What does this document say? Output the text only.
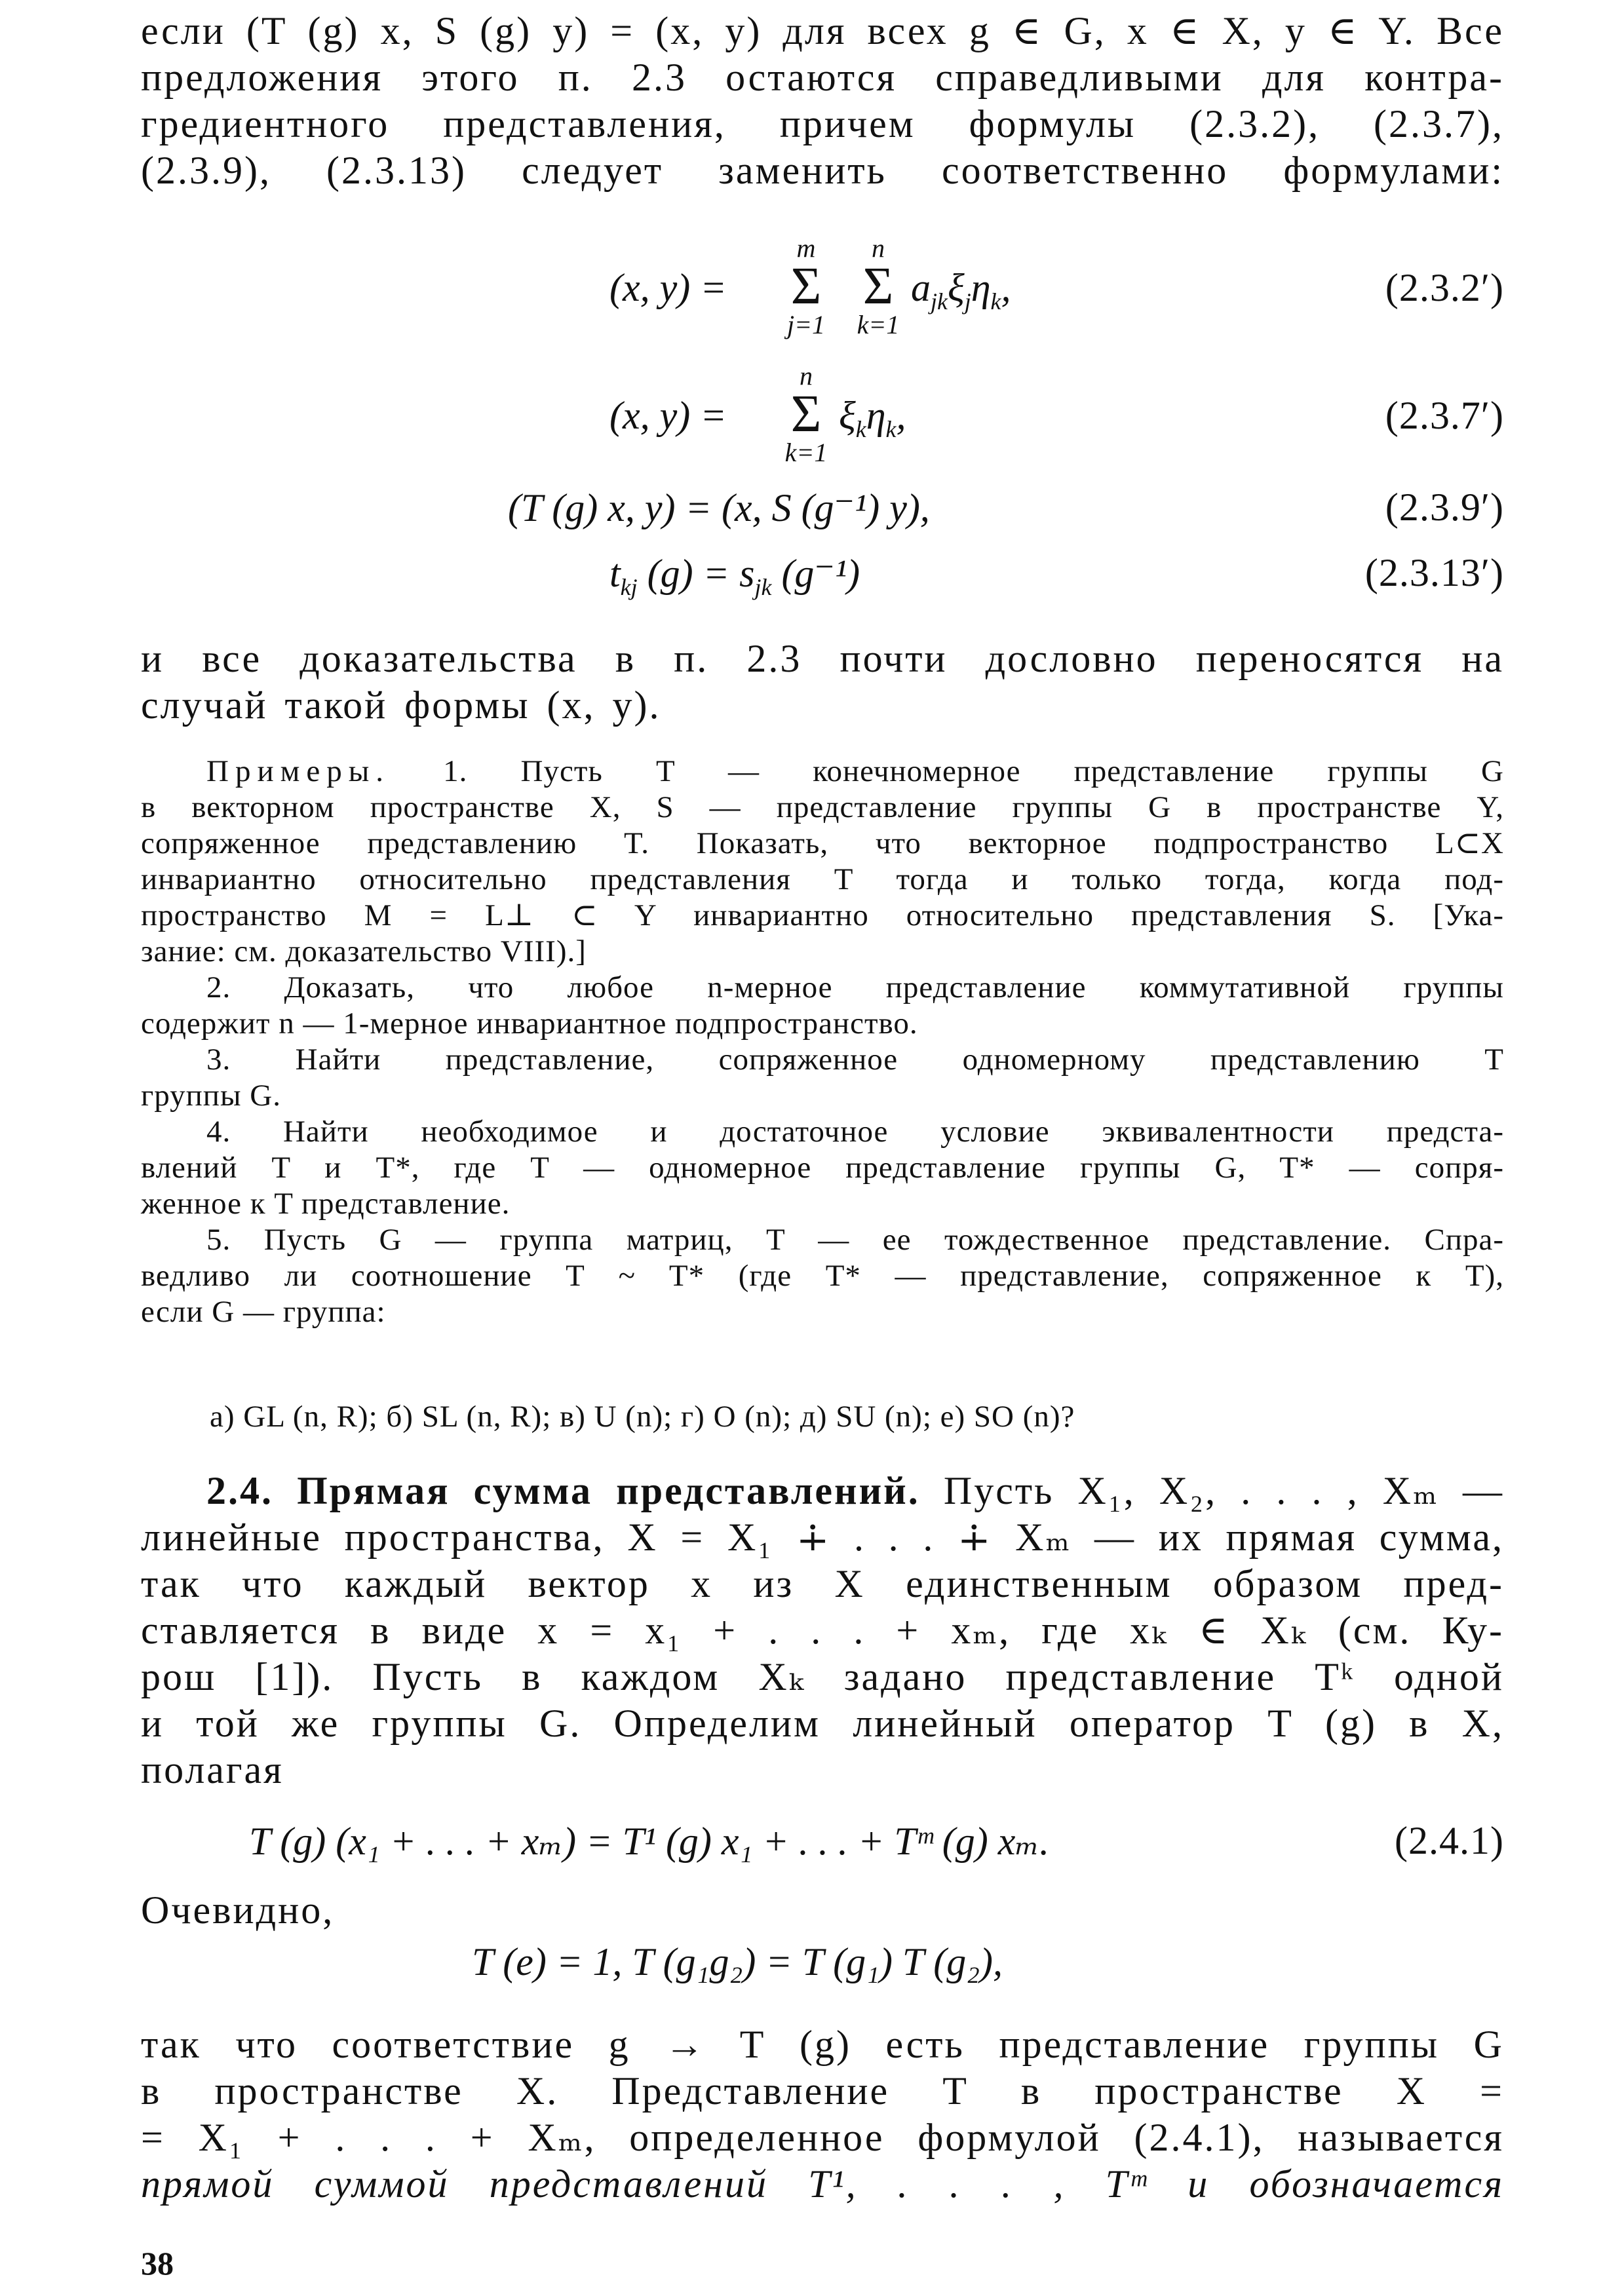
если (T (g) x, S (g) y) = (x, y) для всех g ∈ G, x ∈ X, y ∈ Y. Все
предложения этого п. 2.3 остаются справедливыми для контра-
гредиентного представления, причем формулы (2.3.2), (2.3.7),
(2.3.9), (2.3.13) следует заменить соответственно формулами:
(x, y) =
m
Σ
j=1
n
Σ
k=1
$a_{jk}\xi_j\eta_k$,	(2.3.2′)
(x, y) =
n
Σ
k=1
$\xi_k\eta_k$,	(2.3.7′)
(T (g) x, y) = (x, S (g⁻¹) y),	(2.3.9′)
$t_{kj}$ $(g) = s_{jk}$ (g⁻¹)	(2.3.13′)
и все доказательства в п. 2.3 почти дословно переносятся на
случай такой формы (x, y).
Примеры. 1. Пусть T — конечномерное представление группы G
в векторном пространстве X, S — представление группы G в пространстве Y,
сопряженное представлению T. Показать, что векторное подпространство L⊂X
инвариантно относительно представления T тогда и только тогда, когда под-
пространство M = L⊥ ⊂ Y инвариантно относительно представления S. [Ука-
зание: см. доказательство VIII).]
2. Доказать, что любое n-мерное представление коммутативной группы
содержит n — 1-мерное инвариантное подпространство.
3. Найти представление, сопряженное одномерному представлению T
группы G.
4. Найти необходимое и достаточное условие эквивалентности предста-
влений T и T*, где T — одномерное представление группы G, T* — сопря-
женное к T представление.
5. Пусть G — группа матриц, T — ее тождественное представление. Спра-
ведливо ли соотношение T ~ T* (где T* — представление, сопряженное к T),
если G — группа:
а) GL (n, R); б) SL (n, R); в) U (n); г) O (n); д) SU (n); е) SO (n)?
2.4. Прямая сумма представлений. Пусть X₁, X₂, . . . , Xₘ —
линейные пространства, X = X₁ ∔ . . . ∔ Xₘ — их прямая сумма,
так что каждый вектор x из X единственным образом пред-
ставляется в виде x = x₁ + . . . + xₘ, где xₖ ∈ Xₖ (см. Ку-
рош [1]). Пусть в каждом Xₖ задано представление Tᵏ одной
и той же группы G. Определим линейный оператор T (g) в X,
полагая
T (g) (x₁ + . . . + xₘ) = T¹ (g) x₁ + . . . + Tᵐ (g) xₘ.	(2.4.1)
Очевидно,
T (e) = 1, T (g₁g₂) = T (g₁) T (g₂),
так что соответствие g → T (g) есть представление группы G
в пространстве X. Представление T в пространстве X =
= X₁ + . . . + Xₘ, определенное формулой (2.4.1), называется
прямой суммой представлений T¹, . . . , Tᵐ и обозначается
38
